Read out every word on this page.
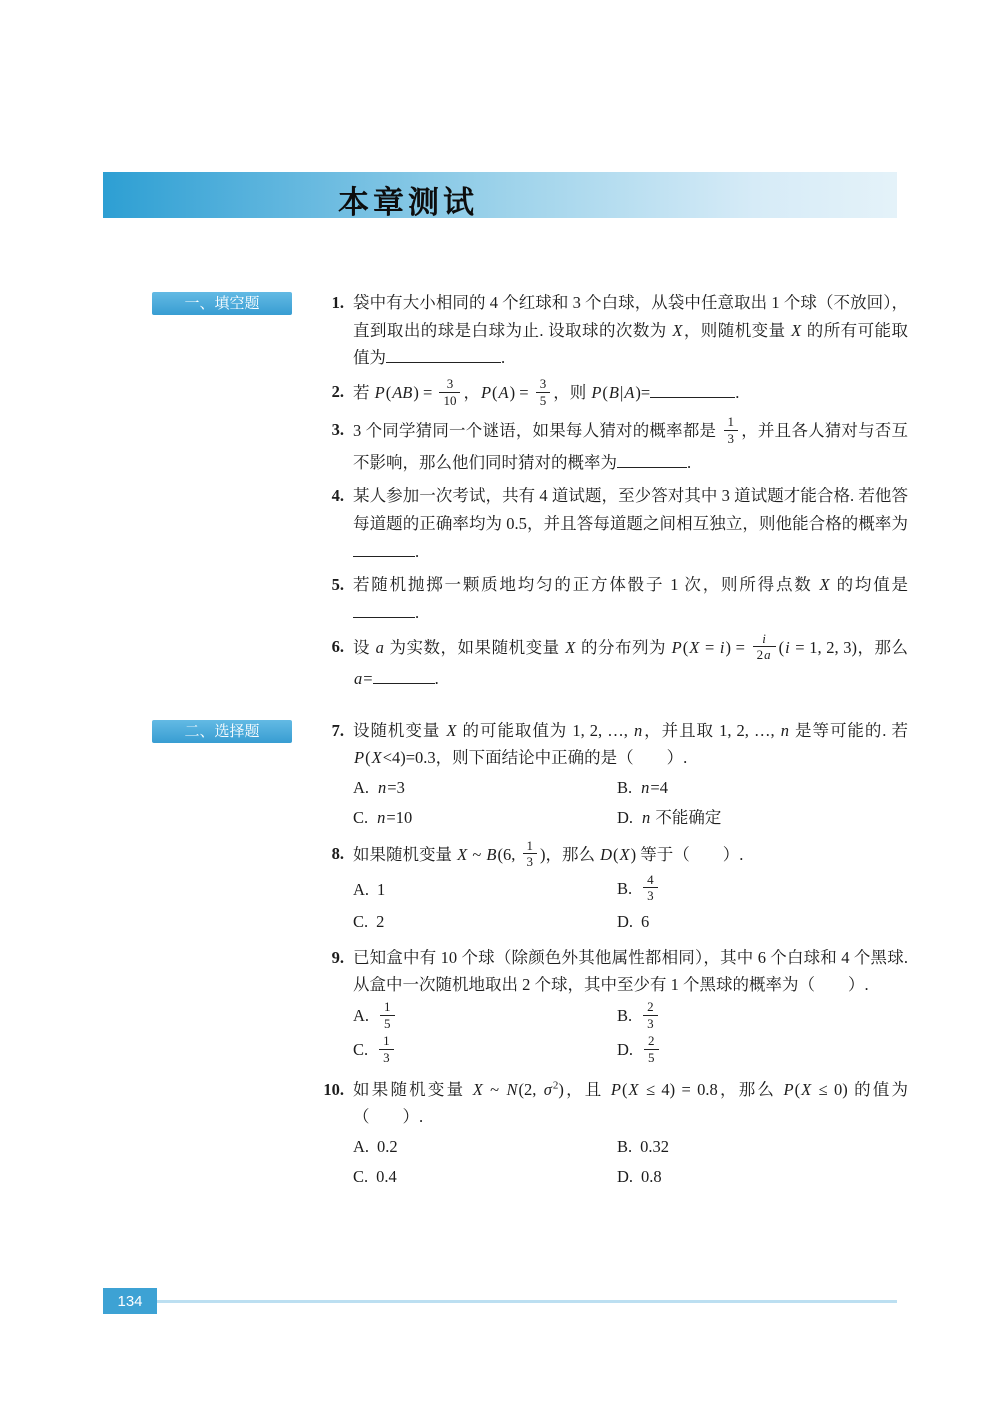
本章测试
一、填空题	1. 袋中有大小相同的 4 个红球和 3 个白球，从袋中任意取出 1 个球（不放回），直到取出的球是白球为止. 设取球的次数为 X，则随机变量 X 的所有可能取值为	.
2. 若 $P(AB) = \frac{3}{10}$ ，$P(A) = \frac{3}{5}$ ，则 P(B|A)=	.
3. 3 个同学猜同一个谜语，如果每人猜对的概率都是 $\frac{1}{3}$ ，并且各人猜对与否互不影响，那么他们同时猜对的概率为	.
4. 某人参加一次考试，共有 4 道试题，至少答对其中 3 道试题才能合格. 若他答每道题的正确率均为 0.5，并且答每道题之间相互独立，则他能合格的概率为.
5. 若随机抛掷一颗质地均匀的正方体骰子 1 次，则所得点数 X 的均值是.
6. 设 a 为实数，如果随机变量 X 的分布列为 $P(X = i) = \frac{i}{2a} (i = 1$, 2, 3)，那么 a=	.
二、选择题	7. 设随机变量 X 的可能取值为 1, 2, …, n，并且取 1, 2, …, n 是等可能的. 若 P(X<4)=0.3，则下面结论中正确的是（　　）.
A. n=3	B. n=4
C. n=10	D. n 不能确定
8. 如果随机变量 X ~ B(6, $\frac{1}{3}$ )，那么 D(X) 等于（　　）.
A. 1	B. $\frac{4}{3}$
C. 2	D. 6
9. 已知盒中有 10 个球（除颜色外其他属性都相同），其中 6 个白球和 4 个黑球. 从盒中一次随机地取出 2 个球，其中至少有 1 个黑球的概率为（　　）.
A. $\frac{1}{5}$	B. $\frac{2}{3}$
C. $\frac{1}{3}$	D. $\frac{2}{5}$
10. 如果随机变量 X ~ N(2, $\sigma^2$)，且 P(X ≤ 4) = 0.8，那么 P(X ≤ 0) 的值为（　　）.
A. 0.2	B. 0.32
C. 0.4	D. 0.8
134
